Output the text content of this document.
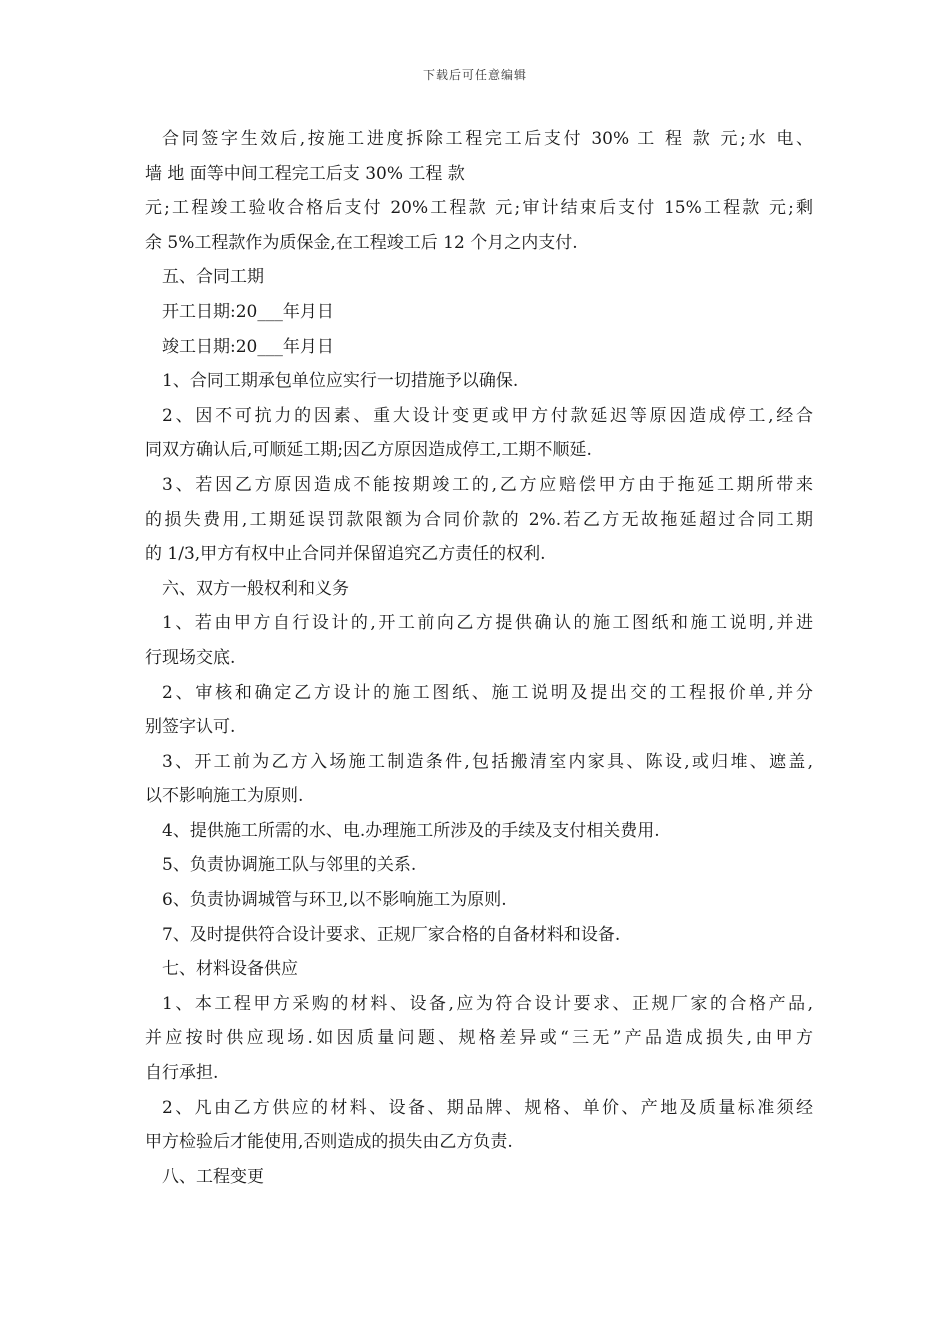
下载后可任意编辑
合同签字生效后,按施工进度拆除工程完工后支付 30% 工 程 款 元;水 电、
墙 地 面等中间工程完工后支 30% 工程 款
元;工程竣工验收合格后支付 20%工程款 元;审计结束后支付 15%工程款 元;剩
余 5%工程款作为质保金,在工程竣工后 12 个月之内支付.
五、合同工期
开工日期:20___年月日
竣工日期:20___年月日
1、合同工期承包单位应实行一切措施予以确保.
2、因不可抗力的因素、重大设计变更或甲方付款延迟等原因造成停工,经合
同双方确认后,可顺延工期;因乙方原因造成停工,工期不顺延.
3、若因乙方原因造成不能按期竣工的,乙方应赔偿甲方由于拖延工期所带来
的损失费用,工期延误罚款限额为合同价款的 2%.若乙方无故拖延超过合同工期
的 1/3,甲方有权中止合同并保留追究乙方责任的权利.
六、双方一般权利和义务
1、若由甲方自行设计的,开工前向乙方提供确认的施工图纸和施工说明,并进
行现场交底.
2、审核和确定乙方设计的施工图纸、施工说明及提出交的工程报价单,并分
别签字认可.
3、开工前为乙方入场施工制造条件,包括搬清室内家具、陈设,或归堆、遮盖,
以不影响施工为原则.
4、提供施工所需的水、电.办理施工所涉及的手续及支付相关费用.
5、负责协调施工队与邻里的关系.
6、负责协调城管与环卫,以不影响施工为原则.
7、及时提供符合设计要求、正规厂家合格的自备材料和设备.
七、材料设备供应
1、本工程甲方采购的材料、设备,应为符合设计要求、正规厂家的合格产品,
并应按时供应现场.如因质量问题、规格差异或“三无”产品造成损失,由甲方
自行承担.
2、凡由乙方供应的材料、设备、期品牌、规格、单价、产地及质量标准须经
甲方检验后才能使用,否则造成的损失由乙方负责.
八、工程变更
